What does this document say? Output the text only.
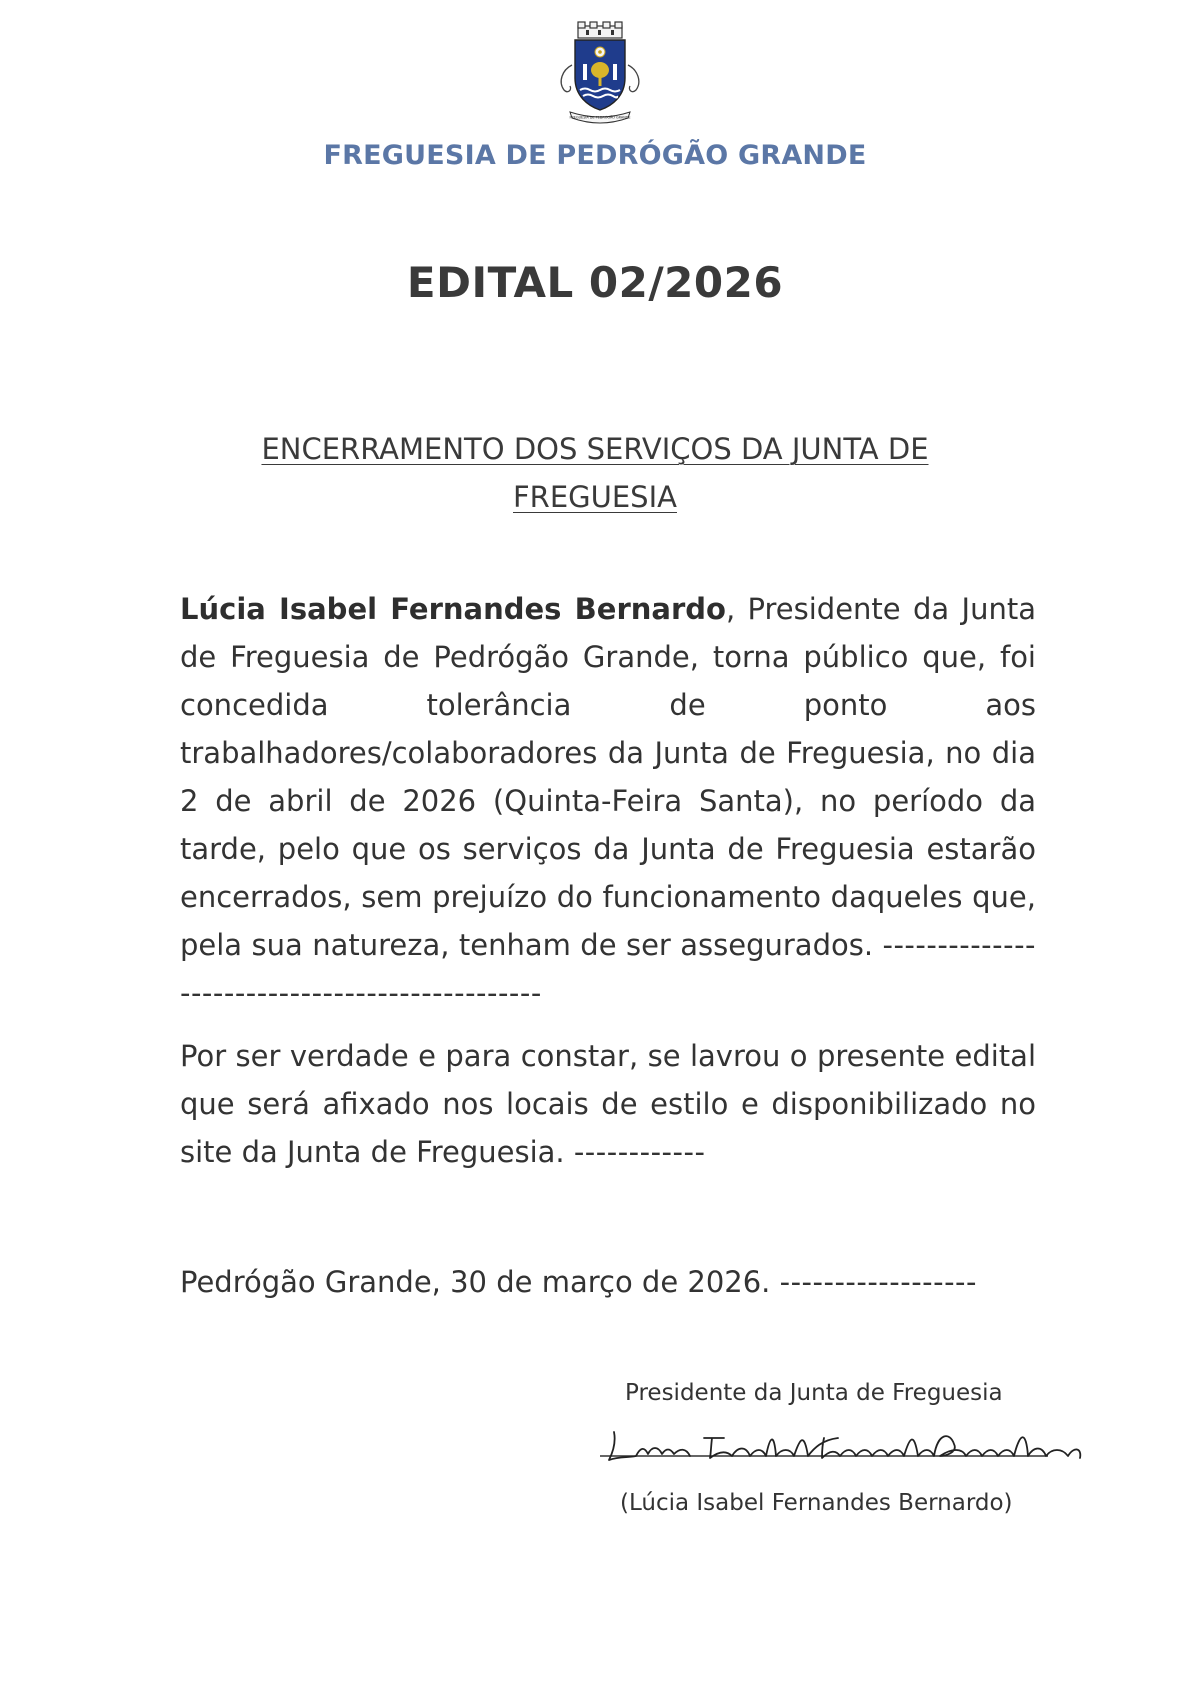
FREGUESIA DE PEDRÓGÃO GRANDE
FREGUESIA DE PEDRÓGÃO GRANDE
EDITAL 02/2026
ENCERRAMENTO DOS SERVIÇOS DA JUNTA DE FREGUESIA

Lúcia Isabel Fernandes Bernardo, Presidente da Junta de Freguesia de Pedrógão Grande, torna público que, foi concedida tolerância de ponto aos trabalhadores/colaboradores da Junta de Freguesia, no dia 2 de abril de 2026 (Quinta-Feira Santa), no período da tarde, pelo que os serviços da Junta de Freguesia estarão encerrados, sem prejuízo do funcionamento daqueles que, pela sua natureza, tenham de ser assegurados. -----------------------------------------------

Por ser verdade e para constar, se lavrou o presente edital que será afixado nos locais de estilo e disponibilizado no site da Junta de Freguesia. ------------

Pedrógão Grande, 30 de março de 2026. ------------------
Presidente da Junta de Freguesia
(Lúcia Isabel Fernandes Bernardo)
